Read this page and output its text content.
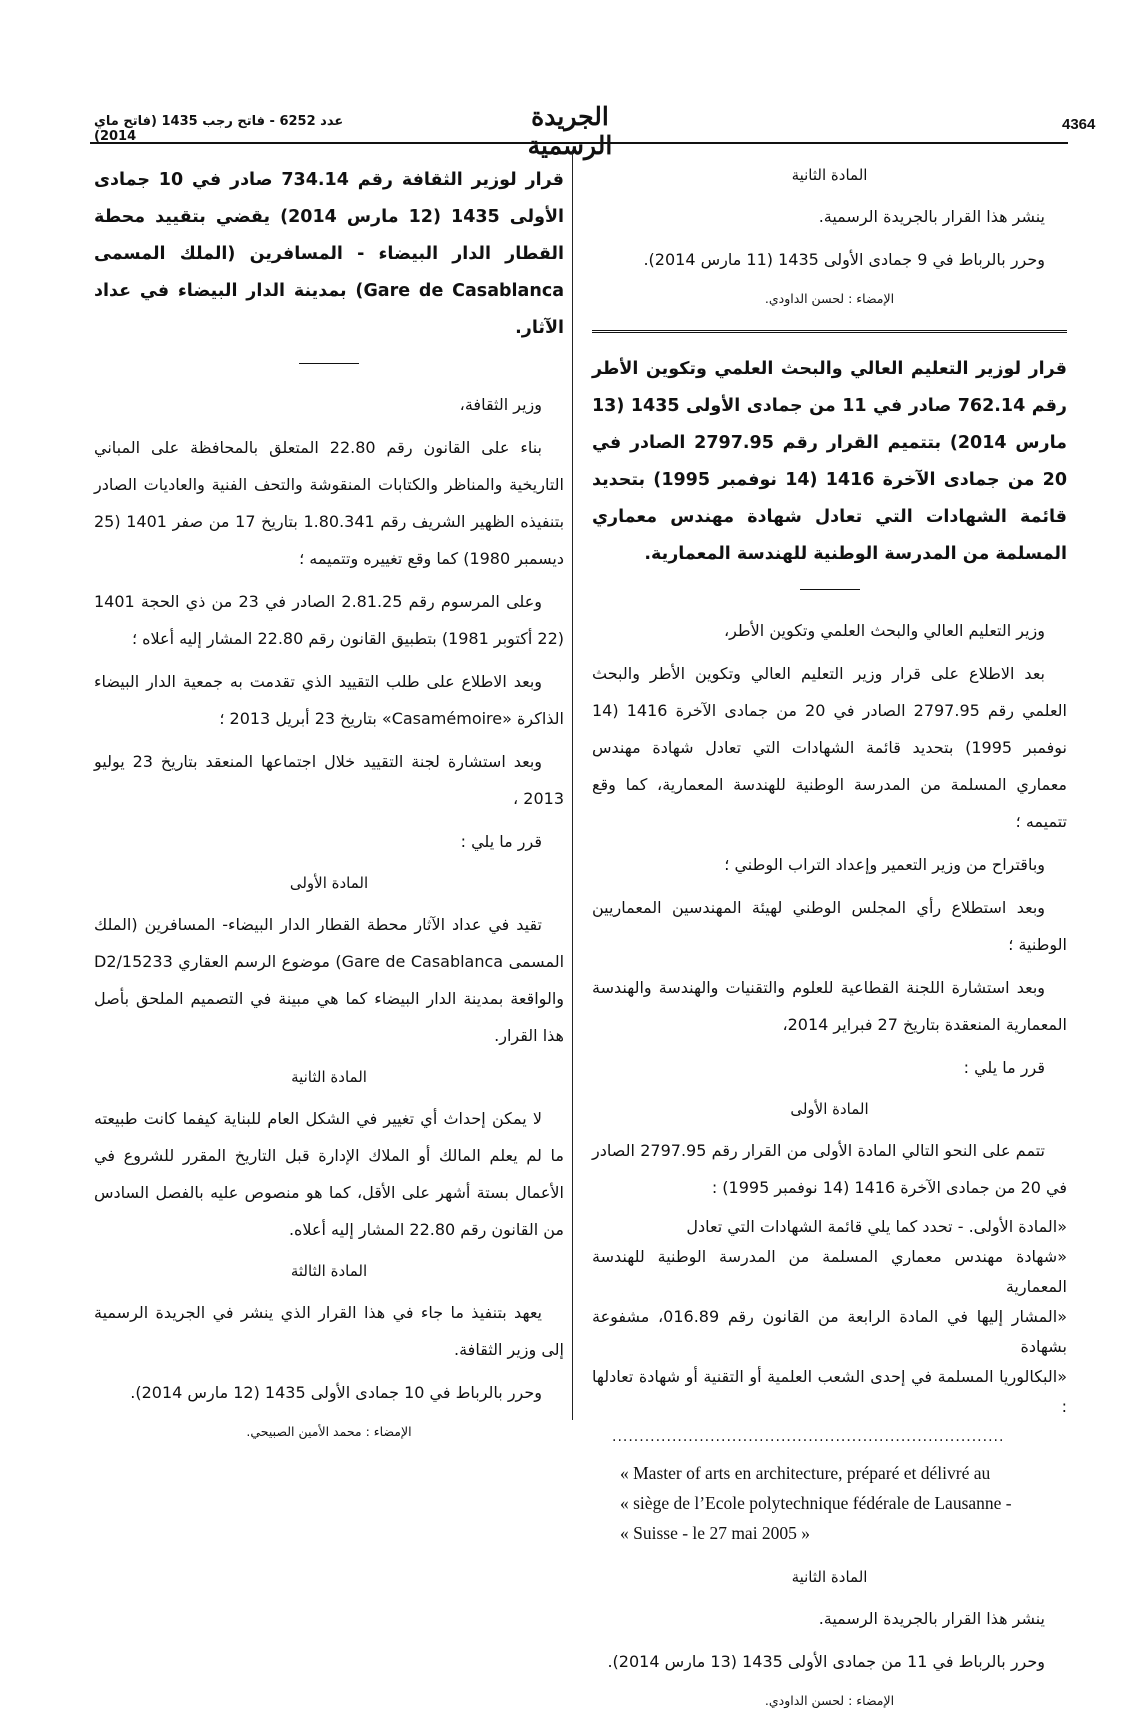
4364
الجريدة الرسمية
عدد 6252 - فاتح رجب 1435 (فاتح ماي 2014)
المادة الثانية

ينشر هذا القرار بالجريدة الرسمية.

وحرر بالرباط في 9 جمادى الأولى 1435 (11 مارس 2014).

الإمضاء : لحسن الداودي.
قرار لوزير التعليم العالي والبحث العلمي وتكوين الأطر رقم 762.14 صادر في 11 من جمادى الأولى 1435 (13 مارس 2014) بتتميم القرار رقم 2797.95 الصادر في 20 من جمادى الآخرة 1416 (14 نوفمبر 1995) بتحديد قائمة الشهادات التي تعادل شهادة مهندس معماري المسلمة من المدرسة الوطنية للهندسة المعمارية.

وزير التعليم العالي والبحث العلمي وتكوين الأطر،

بعد الاطلاع على قرار وزير التعليم العالي وتكوين الأطر والبحث العلمي رقم 2797.95 الصادر في 20 من جمادى الآخرة 1416 (14 نوفمبر 1995) بتحديد قائمة الشهادات التي تعادل شهادة مهندس معماري المسلمة من المدرسة الوطنية للهندسة المعمارية، كما وقع تتميمه ؛

وباقتراح من وزير التعمير وإعداد التراب الوطني ؛

وبعد استطلاع رأي المجلس الوطني لهيئة المهندسين المعماريين الوطنية ؛

وبعد استشارة اللجنة القطاعية للعلوم والتقنيات والهندسة والهندسة المعمارية المنعقدة بتاريخ 27 فبراير 2014،

قرر ما يلي :

المادة الأولى

تتمم على النحو التالي المادة الأولى من القرار رقم 2797.95 الصادر في 20 من جمادى الآخرة 1416 (14 نوفمبر 1995) :

«المادة الأولى. - تحدد كما يلي قائمة الشهادات التي تعادل

«شهادة مهندس معماري المسلمة من المدرسة الوطنية للهندسة المعمارية

«المشار إليها في المادة الرابعة من القانون رقم 016.89، مشفوعة بشهادة

«البكالوريا المسلمة في إحدى الشعب العلمية أو التقنية أو شهادة تعادلها :

........................................................................
« Master of arts en architecture, préparé et délivré au
« siège de l’Ecole polytechnique fédérale de Lausanne -
« Suisse - le 27 mai 2005 »
المادة الثانية

ينشر هذا القرار بالجريدة الرسمية.

وحرر بالرباط في 11 من جمادى الأولى 1435 (13 مارس 2014).

الإمضاء : لحسن الداودي.
قرار لوزير الثقافة رقم 734.14 صادر في 10 جمادى الأولى 1435 (12 مارس 2014) يقضي بتقييد محطة القطار الدار البيضاء - المسافرين (الملك المسمى Gare de Casablanca) بمدينة الدار البيضاء في عداد الآثار.

وزير الثقافة،

بناء على القانون رقم 22.80 المتعلق بالمحافظة على المباني التاريخية والمناظر والكتابات المنقوشة والتحف الفنية والعاديات الصادر بتنفيذه الظهير الشريف رقم 1.80.341 بتاريخ 17 من صفر 1401 (25 ديسمبر 1980) كما وقع تغييره وتتميمه ؛

وعلى المرسوم رقم 2.81.25 الصادر في 23 من ذي الحجة 1401 (22 أكتوبر 1981) بتطبيق القانون رقم 22.80 المشار إليه أعلاه ؛

وبعد الاطلاع على طلب التقييد الذي تقدمت به جمعية الدار البيضاء الذاكرة «Casamémoire» بتاريخ 23 أبريل 2013 ؛

وبعد استشارة لجنة التقييد خلال اجتماعها المنعقد بتاريخ 23 يوليو 2013 ،

قرر ما يلي :

المادة الأولى

تقيد في عداد الآثار محطة القطار الدار البيضاء- المسافرين (الملك المسمى Gare de Casablanca) موضوع الرسم العقاري D2/15233 والواقعة بمدينة الدار البيضاء كما هي مبينة في التصميم الملحق بأصل هذا القرار.

المادة الثانية

لا يمكن إحداث أي تغيير في الشكل العام للبناية كيفما كانت طبيعته ما لم يعلم المالك أو الملاك الإدارة قبل التاريخ المقرر للشروع في الأعمال بستة أشهر على الأقل، كما هو منصوص عليه بالفصل السادس من القانون رقم 22.80 المشار إليه أعلاه.

المادة الثالثة

يعهد بتنفيذ ما جاء في هذا القرار الذي ينشر في الجريدة الرسمية إلى وزير الثقافة.

وحرر بالرباط في 10 جمادى الأولى 1435 (12 مارس 2014).

الإمضاء : محمد الأمين الصبيحي.
